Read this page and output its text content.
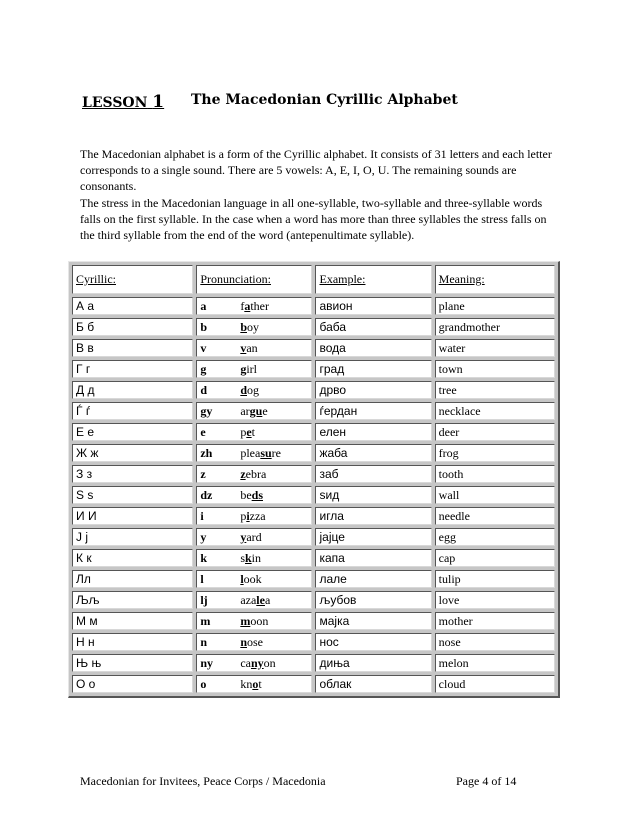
LESSON 1 The Macedonian Cyrillic Alphabet

The Macedonian alphabet is a form of the Cyrillic alphabet. It consists of 31 letters and each letter corresponds to a single sound. There are 5 vowels: A, E, I, O, U. The remaining sounds are consonants.

The stress in the Macedonian language in all one-syllable, two-syllable and three-syllable words falls on the first syllable. In the case when a word has more than three syllables the stress falls on the third syllable from the end of the word (antepenultimate syllable).

Cyrillic:	Pronunciation:	Example:	Meaning:
А а	a father	авион	plane
Б б	b boy	баба	grandmother
В в	v van	вода	water
Г г	g girl	град	town
Д д	d dog	дрво	tree
Ѓ ѓ	gy argue	ѓердан	necklace
Е е	e pet	елен	deer
Ж ж	zh pleasure	жаба	frog
З з	z zebra	заб	tooth
Ѕ ѕ	dz beds	ѕид	wall
И И	i pizza	игла	needle
Ј ј	y yard	јајце	egg
К к	k skin	капа	cap
Лл	l look	лале	tulip
Љљ	lj azalea	љубов	love
М м	m moon	мајка	mother
Н н	n nose	нос	nose
Њ њ	ny canyon	диња	melon
О о	o knot	облак	cloud
Macedonian for Invitees, Peace Corps / Macedonia	Page 4 of 14
